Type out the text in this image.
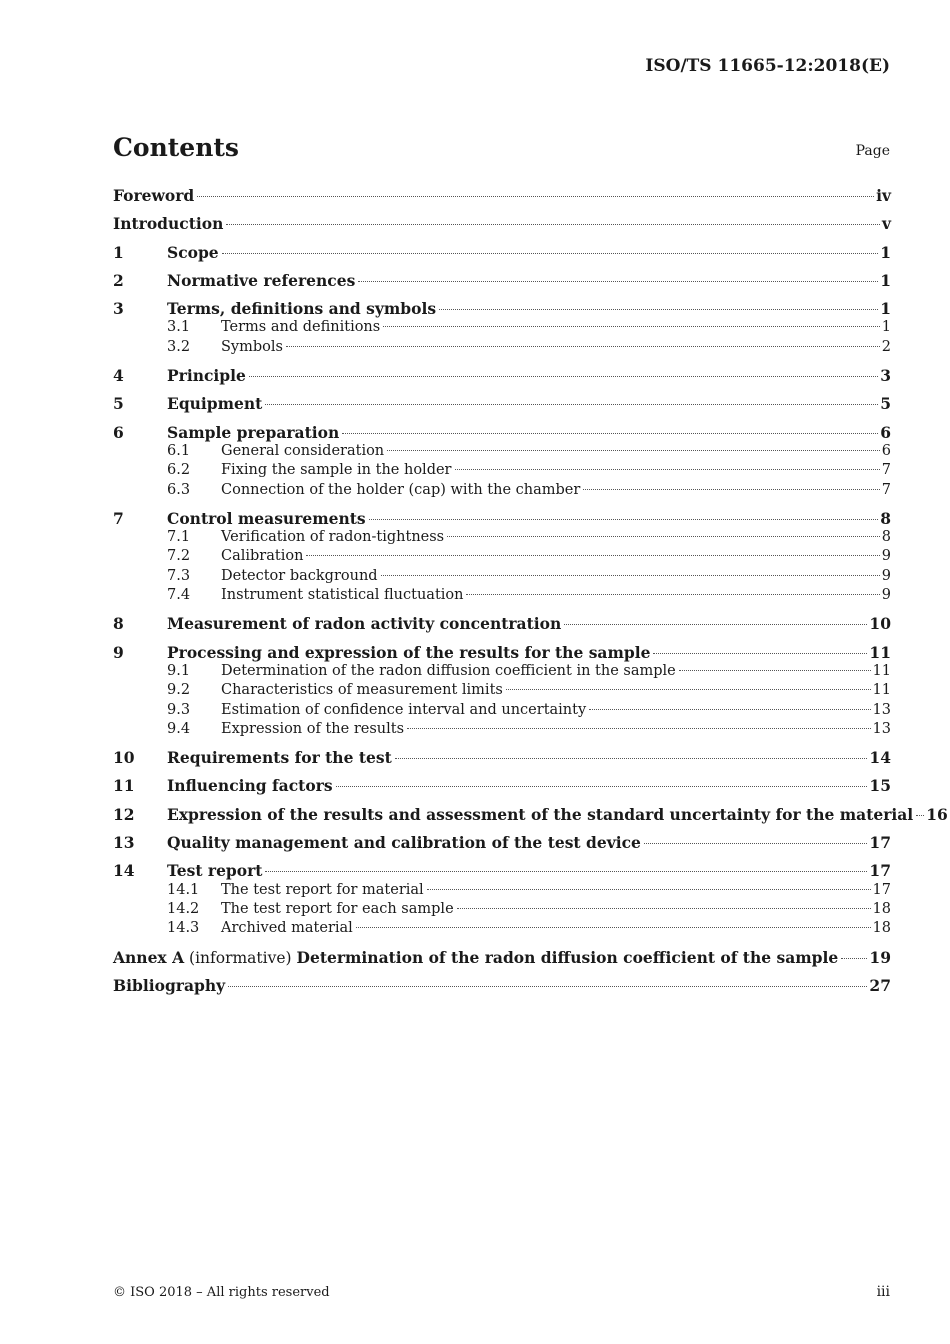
ISO/TS 11665-12:2018(E)
Contents	Page
Foreword	iv
Introduction	v
1	Scope	1
2	Normative references	1
3	Terms, definitions and symbols	1
3.1	Terms and definitions	1
3.2	Symbols	2
4	Principle	3
5	Equipment	5
6	Sample preparation	6
6.1	General consideration	6
6.2	Fixing the sample in the holder	7
6.3	Connection of the holder (cap) with the chamber	7
7	Control measurements	8
7.1	Verification of radon-tightness	8
7.2	Calibration	9
7.3	Detector background	9
7.4	Instrument statistical fluctuation	9
8	Measurement of radon activity concentration	10
9	Processing and expression of the results for the sample	11
9.1	Determination of the radon diffusion coefficient in the sample	11
9.2	Characteristics of measurement limits	11
9.3	Estimation of confidence interval and uncertainty	13
9.4	Expression of the results	13
10	Requirements for the test	14
11	Influencing factors	15
12	Expression of the results and assessment of the standard uncertainty for the material 16
13	Quality management and calibration of the test device	17
14	Test report	17
14.1	The test report for material	17
14.2	The test report for each sample	18
14.3	Archived material	18
Annex A (informative) Determination of the radon diffusion coefficient of the sample 19
Bibliography	27
© ISO 2018 – All rights reserved	iii
